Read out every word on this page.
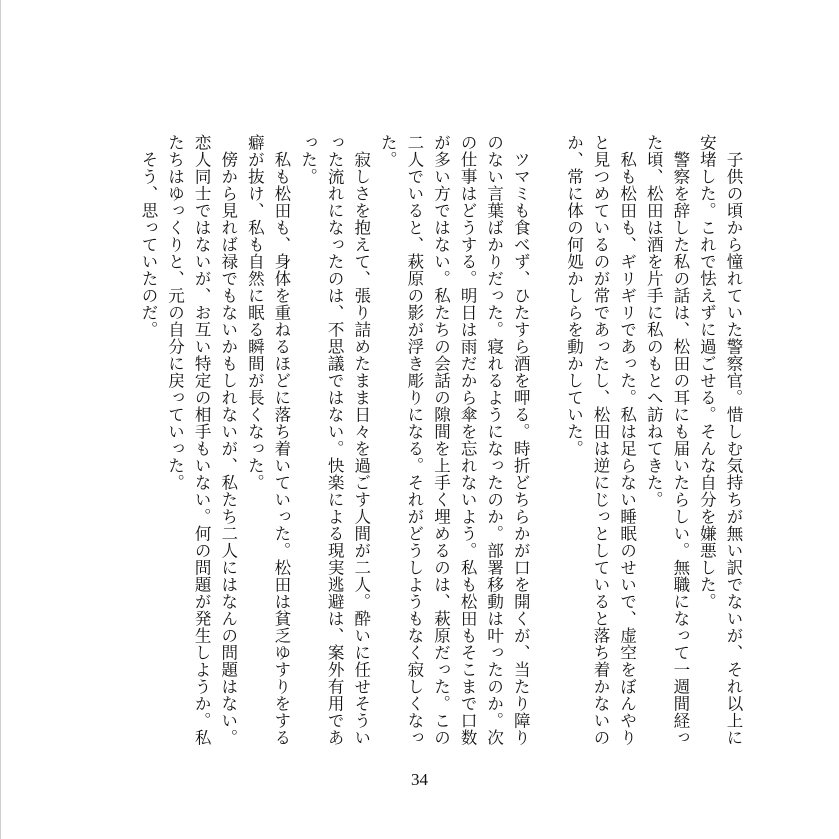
子供の頃から憧れていた警察官。惜しむ気持ちが無い訳でないが、それ以上に安堵した。これで怯えずに過ごせる。そんな自分を嫌悪した。

警察を辞した私の話は、松田の耳にも届いたらしい。無職になって一週間経った頃、松田は酒を片手に私のもとへ訪ねてきた。

私も松田も、ギリギリであった。私は足らない睡眠のせいで、虚空をぼんやりと見つめているのが常であったし、松田は逆にじっとしていると落ち着かないのか、常に体の何処かしらを動かしていた。

ツマミも食べず、ひたすら酒を呷る。時折どちらかが口を開くが、当たり障りのない言葉ばかりだった。寝れるようになったのか。部署移動は叶ったのか。次の仕事はどうする。明日は雨だから傘を忘れないよう。私も松田もそこまで口数が多い方ではない。私たちの会話の隙間を上手く埋めるのは、萩原だった。この二人でいると、萩原の影が浮き彫りになる。それがどうしようもなく寂しくなった。

寂しさを抱えて、張り詰めたまま日々を過ごす人間が二人。酔いに任せそういった流れになったのは、不思議ではない。快楽による現実逃避は、案外有用であった。

私も松田も、身体を重ねるほどに落ち着いていった。松田は貧乏ゆすりをする癖が抜け、私も自然に眠る瞬間が長くなった。

傍から見れば禄でもないかもしれないが、私たち二人にはなんの問題はない。恋人同士ではないが、お互い特定の相手もいない。何の問題が発生しようか。私たちはゆっくりと、元の自分に戻っていった。

そう、思っていたのだ。

34
